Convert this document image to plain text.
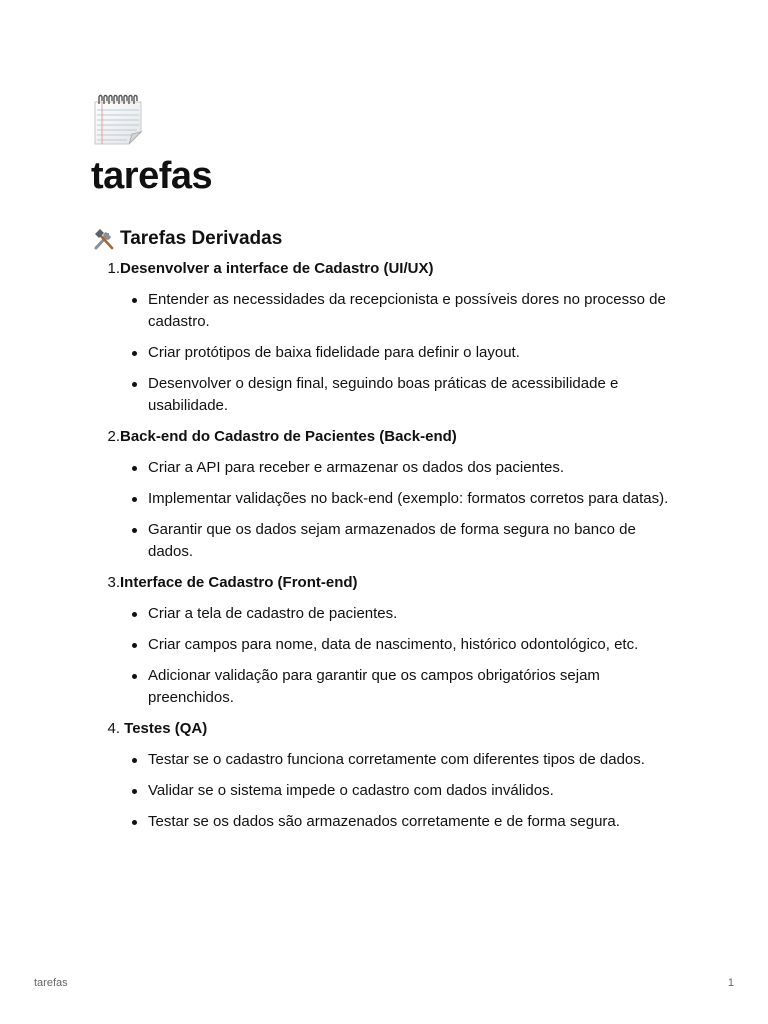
tarefas
Tarefas Derivadas
1. Desenvolver a interface de Cadastro (UI/UX)
Entender as necessidades da recepcionista e possíveis dores no processo de cadastro.
Criar protótipos de baixa fidelidade para definir o layout.
Desenvolver o design final, seguindo boas práticas de acessibilidade e usabilidade.
2. Back-end do Cadastro de Pacientes (Back-end)
Criar a API para receber e armazenar os dados dos pacientes.
Implementar validações no back-end (exemplo: formatos corretos para datas).
Garantir que os dados sejam armazenados de forma segura no banco de dados.
3. Interface de Cadastro (Front-end)
Criar a tela de cadastro de pacientes.
Criar campos para nome, data de nascimento, histórico odontológico, etc.
Adicionar validação para garantir que os campos obrigatórios sejam preenchidos.
4. Testes (QA)
Testar se o cadastro funciona corretamente com diferentes tipos de dados.
Validar se o sistema impede o cadastro com dados inválidos.
Testar se os dados são armazenados corretamente e de forma segura.
tarefas	1
